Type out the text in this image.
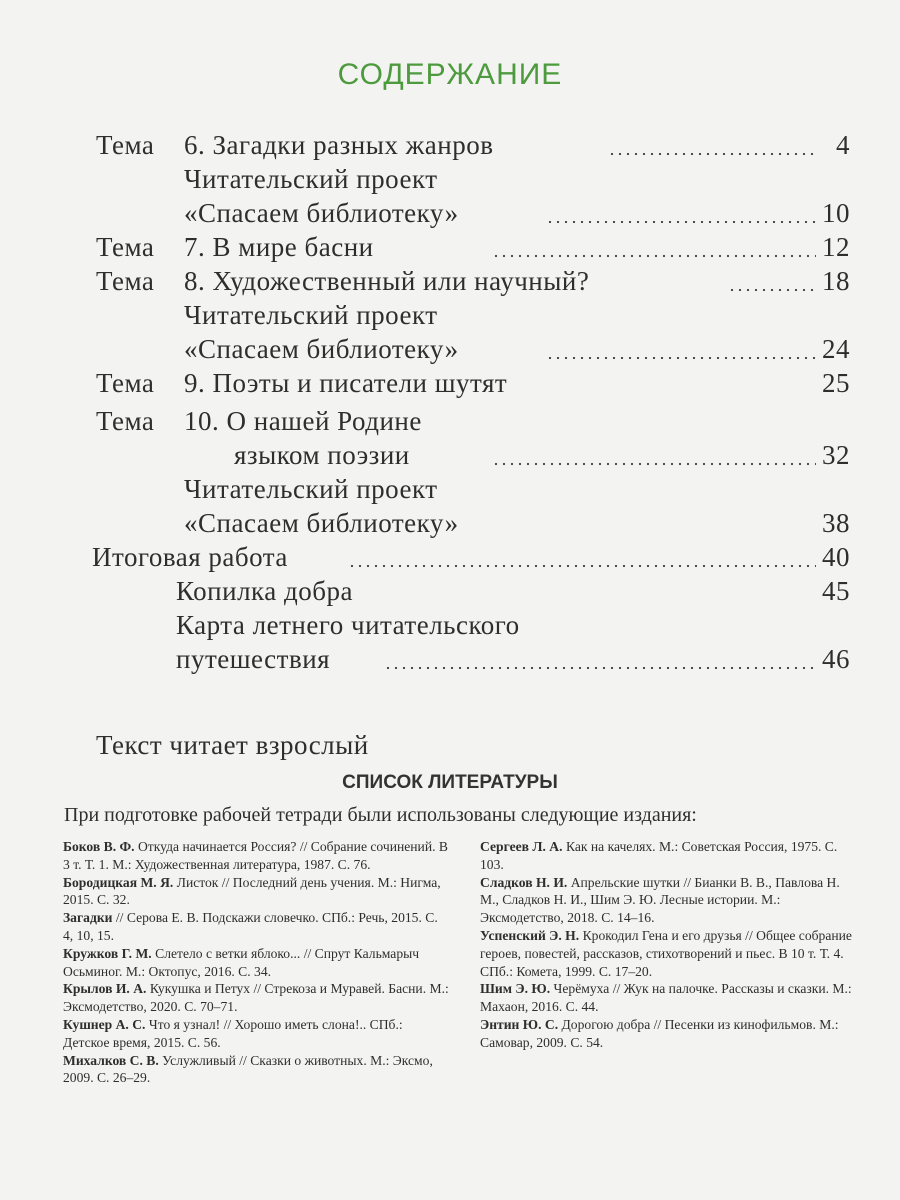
СОДЕРЖАНИЕ
Тема 6. Загадки разных жанров	4
Читательский проект
«Спасаем библиотеку»	10
Тема 7. В мире басни	12
Тема 8. Художественный или научный?	18
Читательский проект
«Спасаем библиотеку»	24
Тема 9. Поэты и писатели шутят	25
Тема 10. О нашей Родине
языком поэзии	32
Читательский проект
«Спасаем библиотеку»	38
Итоговая работа	40
Копилка добра	45
Карта летнего читательского
путешествия	46
Текст читает взрослый
СПИСОК ЛИТЕРАТУРЫ
При подготовке рабочей тетради были использованы следующие издания:

Боков В. Ф. Откуда начинается Россия? // Собрание сочинений. В 3 т. Т. 1. М.: Художественная литература, 1987. С. 76.

Бородицкая М. Я. Листок // Последний день учения. М.: Нигма, 2015. С. 32.

Загадки // Серова Е. В. Подскажи словечко. СПб.: Речь, 2015. С. 4, 10, 15.

Кружков Г. М. Слетело с ветки яблоко... // Спрут Кальмарыч Осьминог. М.: Октопус, 2016. С. 34.

Крылов И. А. Кукушка и Петух // Стрекоза и Муравей. Басни. М.: Эксмодетство, 2020. С. 70–71.

Кушнер А. С. Что я узнал! // Хорошо иметь слона!.. СПб.: Детское время, 2015. С. 56.

Михалков С. В. Услужливый // Сказки о животных. М.: Эксмо, 2009. С. 26–29.

Сергеев Л. А. Как на качелях. М.: Советская Россия, 1975. С. 103.

Сладков Н. И. Апрельские шутки // Бианки В. В., Павлова Н. М., Сладков Н. И., Шим Э. Ю. Лесные истории. М.: Эксмодетство, 2018. С. 14–16.

Успенский Э. Н. Крокодил Гена и его друзья // Общее собрание героев, повестей, рассказов, стихотворений и пьес. В 10 т. Т. 4. СПб.: Комета, 1999. С. 17–20.

Шим Э. Ю. Черёмуха // Жук на палочке. Рассказы и сказки. М.: Махаон, 2016. С. 44.

Энтин Ю. С. Дорогою добра // Песенки из кинофильмов. М.: Самовар, 2009. С. 54.
